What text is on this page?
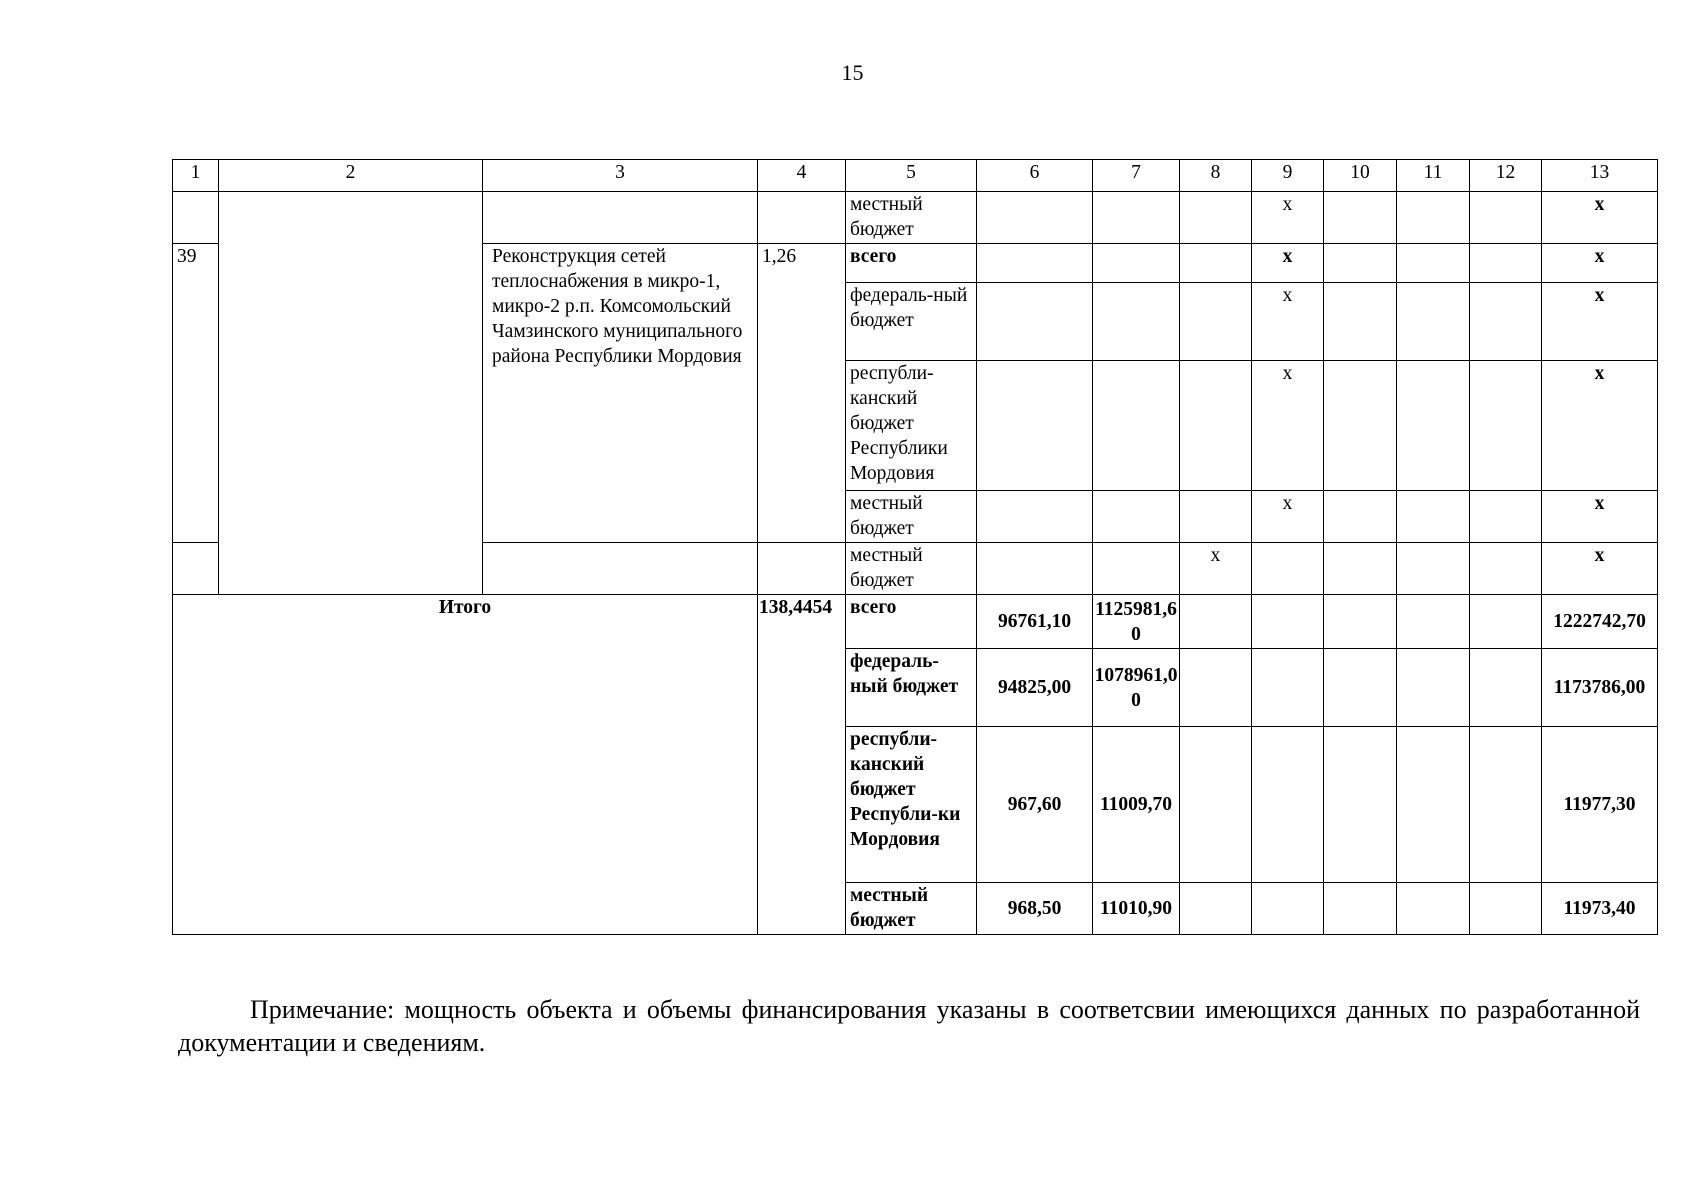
15
1	2	3	4	5	6	7	8	9	10	11	12	13
				местный бюджет				x				x
39		Реконструкция сетей теплоснабжения в микро-1, микро-2 р.п. Комсомольский Чамзинского муниципального района Республики Мордовия	1,26	всего				x				x
				федераль-ный бюджет				x				x
				республи-канский бюджет Республики Мордовия				x				x
				местный бюджет				x				x
				местный бюджет			x					x
Итого			138,4454	всего	96761,10	1125981,60						1222742,70
				федераль-ный бюджет	94825,00	1078961,00						1173786,00
				республи-канский бюджет Республи-ки Мордовия	967,60	11009,70						11977,30
				местный бюджет	968,50	11010,90						11973,40
Примечание: мощность объекта и объемы финансирования указаны в соответсвии имеющихся данных по разработанной документации и сведениям.
